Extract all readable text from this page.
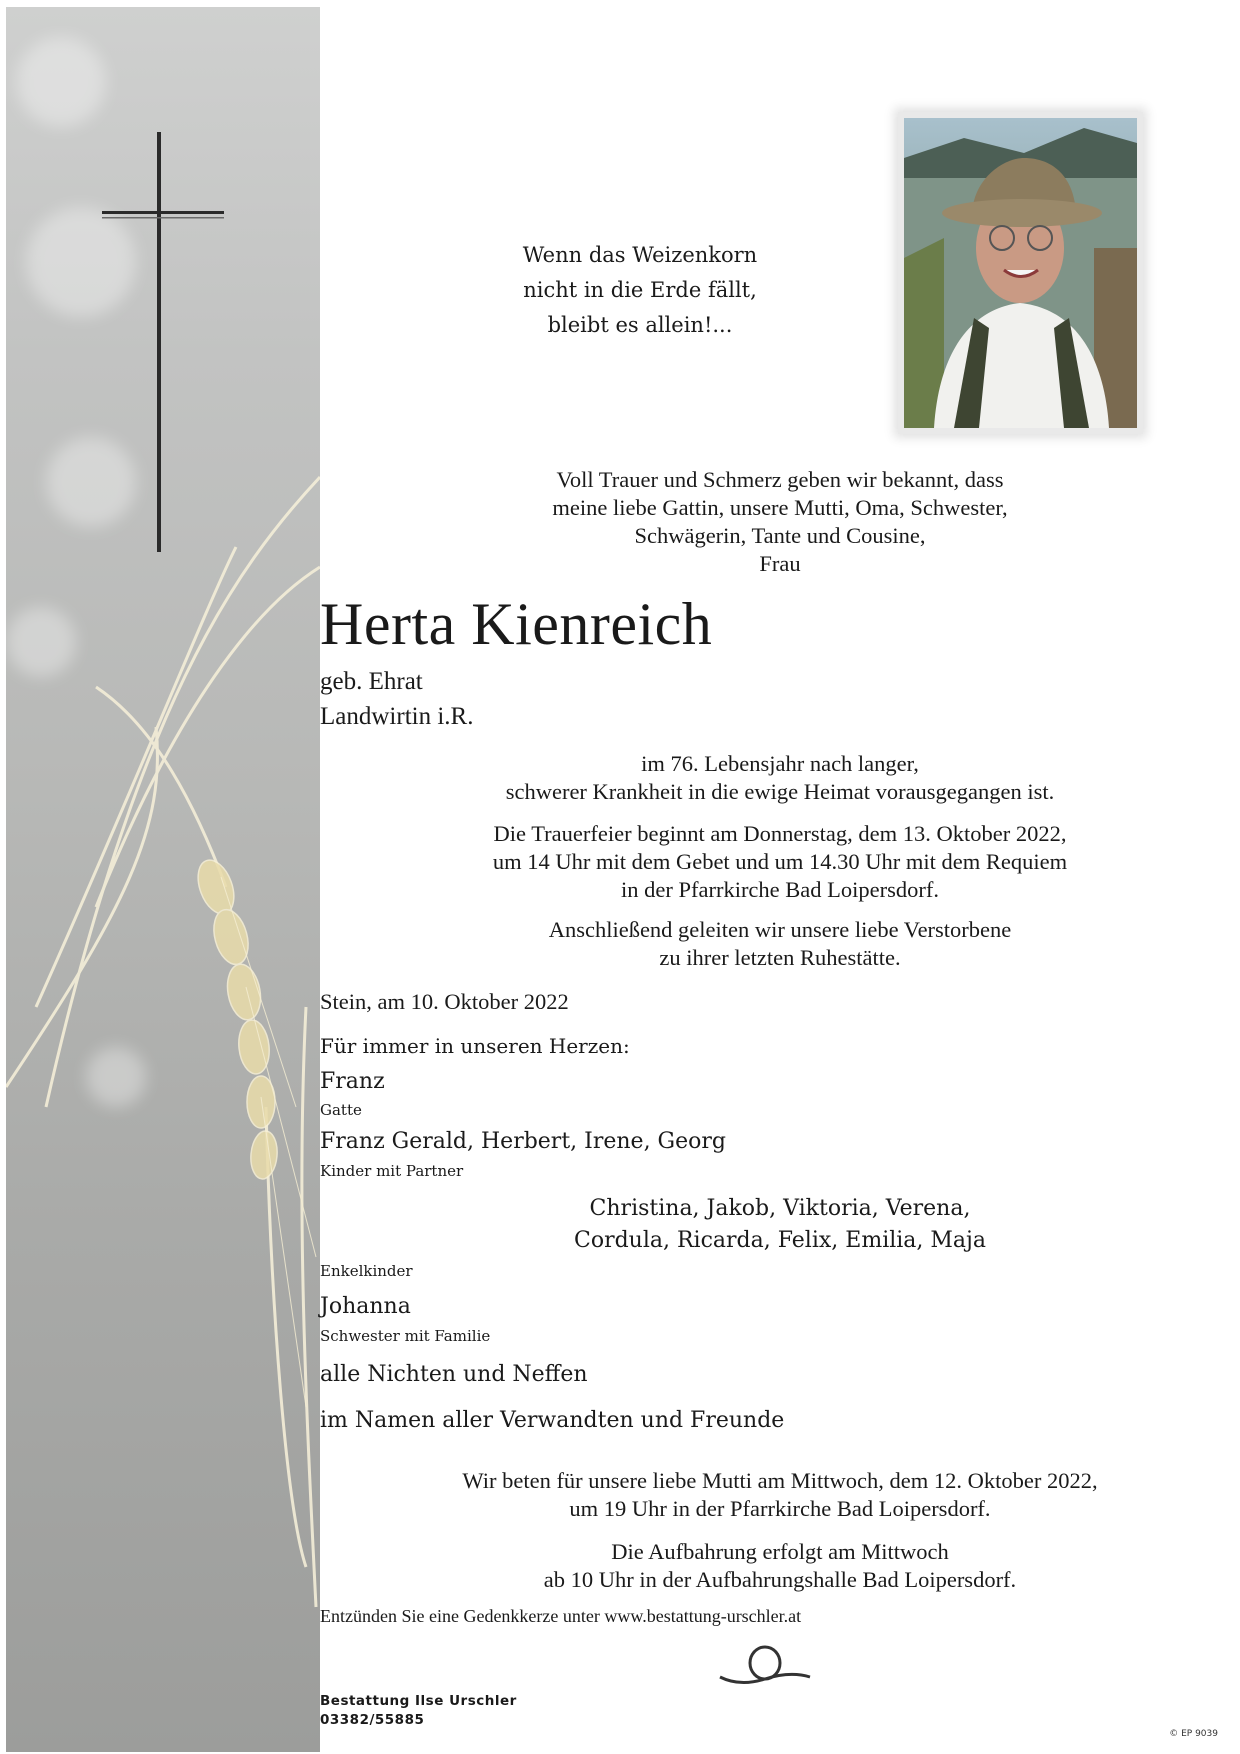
Wenn das Weizenkorn
nicht in die Erde fällt,
bleibt es allein!...
Voll Trauer und Schmerz geben wir bekannt, dass
meine liebe Gattin, unsere Mutti, Oma, Schwester,
Schwägerin, Tante und Cousine,
Frau
Herta Kienreich
geb. Ehrat
Landwirtin i.R.
im 76. Lebensjahr nach langer,
schwerer Krankheit in die ewige Heimat vorausgegangen ist.
Die Trauerfeier beginnt am Donnerstag, dem 13. Oktober 2022,
um 14 Uhr mit dem Gebet und um 14.30 Uhr mit dem Requiem
in der Pfarrkirche Bad Loipersdorf.
Anschließend geleiten wir unsere liebe Verstorbene
zu ihrer letzten Ruhestätte.
Stein, am 10. Oktober 2022
Für immer in unseren Herzen:
Franz
Gatte
Franz Gerald, Herbert, Irene, Georg
Kinder mit Partner
Christina, Jakob, Viktoria, Verena,
Cordula, Ricarda, Felix, Emilia, Maja
Enkelkinder
Johanna
Schwester mit Familie
alle Nichten und Neffen
im Namen aller Verwandten und Freunde
Wir beten für unsere liebe Mutti am Mittwoch, dem 12. Oktober 2022,
um 19 Uhr in der Pfarrkirche Bad Loipersdorf.
Die Aufbahrung erfolgt am Mittwoch
ab 10 Uhr in der Aufbahrungshalle Bad Loipersdorf.
Entzünden Sie eine Gedenkkerze unter www.bestattung-urschler.at
Bestattung Ilse Urschler
03382/55885
© EP 9039
